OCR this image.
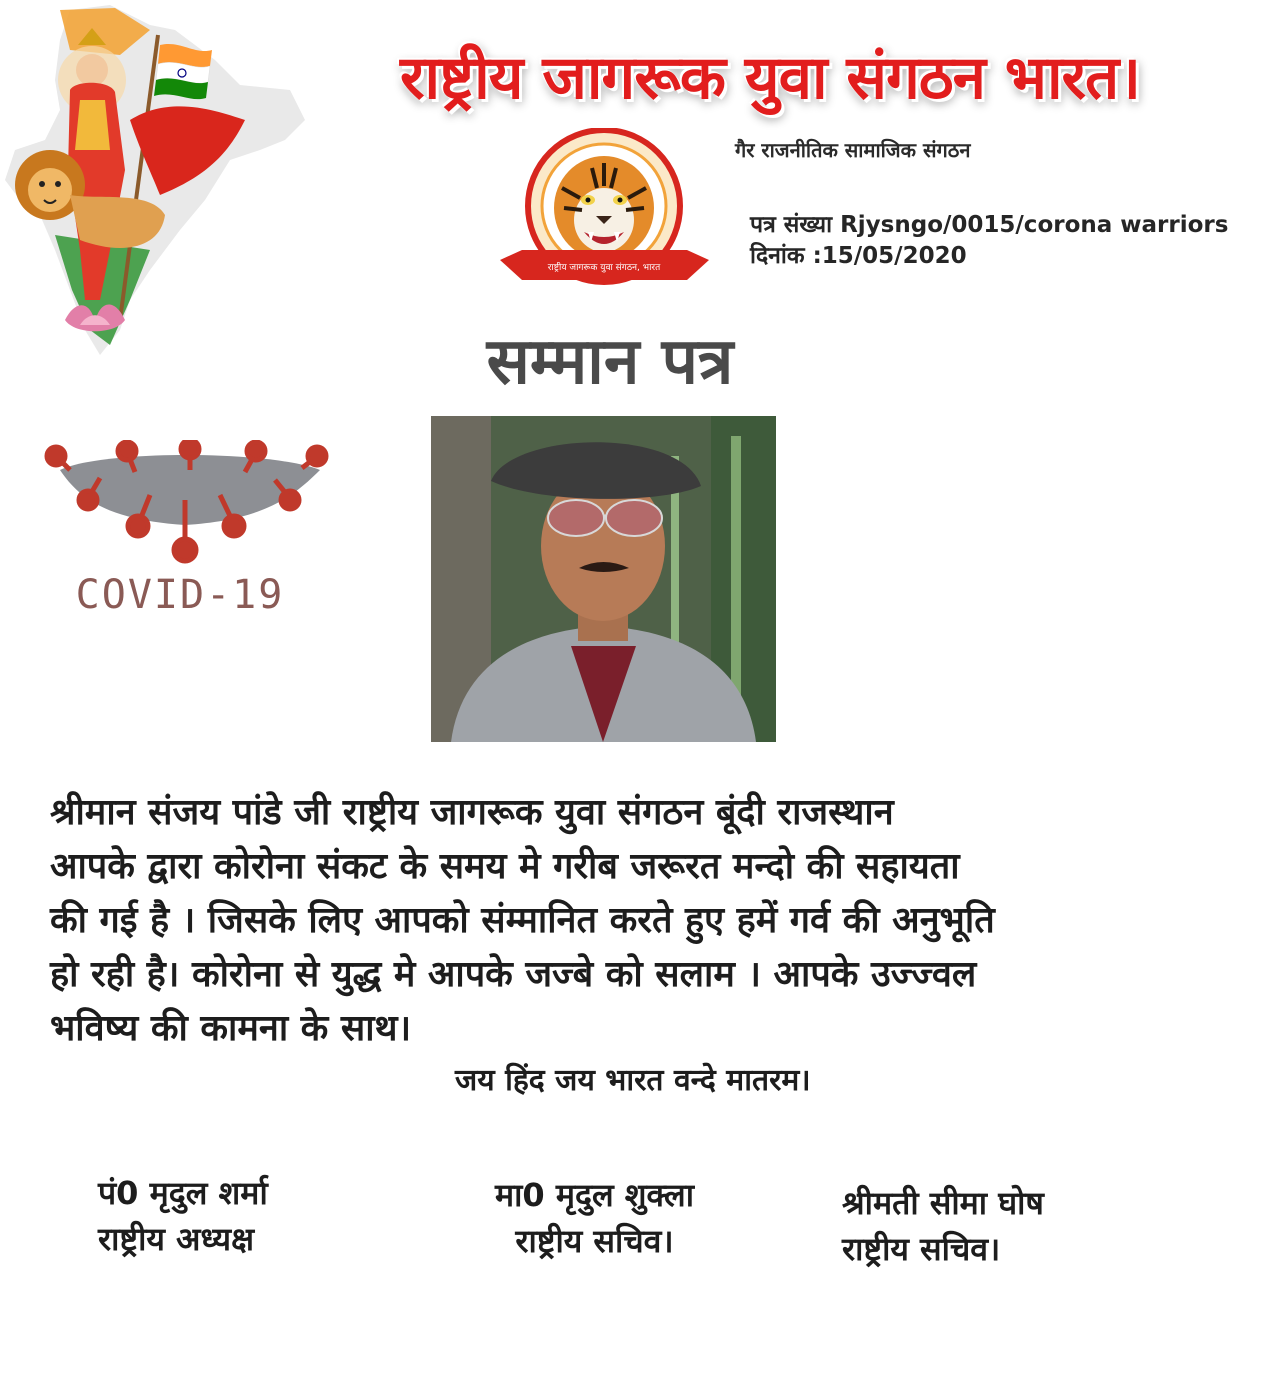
राष्ट्रीय जागरूक युवा संगठन भारत।
गैर राजनीतिक सामाजिक संगठन
राष्ट्रीय जागरूक युवा संगठन, भारत
पत्र संख्या Rjysngo/0015/corona warriors
दिनांक :15/05/2020
सम्मान पत्र
COVID-19
श्रीमान संजय पांडे जी राष्ट्रीय जागरूक युवा संगठन बूंदी राजस्थान
आपके द्वारा कोरोना संकट के समय मे गरीब जरूरत मन्दो की सहायता
की गई है । जिसके लिए आपको संम्मानित करते हुए हमें गर्व की अनुभूति
हो रही है। कोरोना से युद्ध मे आपके जज्बे को सलाम । आपके उज्ज्वल
भविष्य की कामना के साथ।
जय हिंद जय भारत वन्दे मातरम।
पं0 मृदुल शर्मा
राष्ट्रीय अध्यक्ष
मा0 मृदुल शुक्ला
राष्ट्रीय सचिव।
श्रीमती सीमा घोष
राष्ट्रीय सचिव।
